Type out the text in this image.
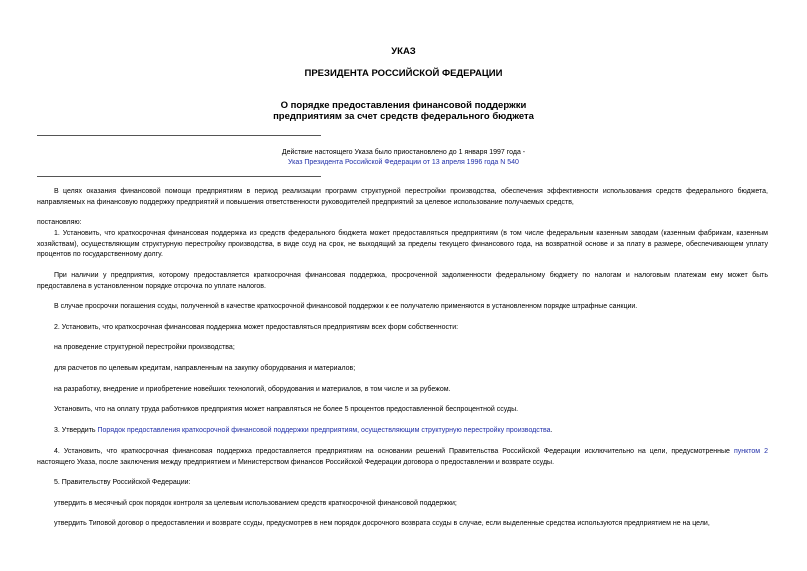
УКАЗ
ПРЕЗИДЕНТА РОССИЙСКОЙ ФЕДЕРАЦИИ
О порядке предоставления финансовой поддержки
предприятиям за счет средств федерального бюджета
Действие настоящего Указа было приостановлено до 1 января 1997 года -
Указ Президента Российской Федерации от 13 апреля 1996 года N 540
В целях оказания финансовой помощи предприятиям в период реализации программ структурной перестройки производства, обеспечения эффективности использования средств федерального бюджета, направляемых на финансовую поддержку предприятий и повышения ответственности руководителей предприятий за целевое использование получаемых средств,
постановляю:
1. Установить, что краткосрочная финансовая поддержка из средств федерального бюджета может предоставляться предприятиям (в том числе федеральным казенным заводам (казенным фабрикам, казенным хозяйствам), осуществляющим структурную перестройку производства, в виде ссуд на срок, не выходящий за пределы текущего финансового года, на возвратной основе и за плату в размере, обеспечивающем уплату процентов по государственному долгу.
При наличии у предприятия, которому предоставляется краткосрочная финансовая поддержка, просроченной задолженности федеральному бюджету по налогам и налоговым платежам ему может быть предоставлена в установленном порядке отсрочка по уплате налогов.
В случае просрочки погашения ссуды, полученной в качестве краткосрочной финансовой поддержки к ее получателю применяются в установленном порядке штрафные санкции.
2. Установить, что краткосрочная финансовая поддержка может предоставляться предприятиям всех форм собственности:
на проведение структурной перестройки производства;
для расчетов по целевым кредитам, направленным на закупку оборудования и материалов;
на разработку, внедрение и приобретение новейших технологий, оборудования и материалов, в том числе и за рубежом.
Установить, что на оплату труда работников предприятия может направляться не более 5 процентов предоставленной беспроцентной ссуды.
3. Утвердить Порядок предоставления краткосрочной финансовой поддержки предприятиям, осуществляющим структурную перестройку производства.
4. Установить, что краткосрочная финансовая поддержка предоставляется предприятиям на основании решений Правительства Российской Федерации исключительно на цели, предусмотренные пунктом 2 настоящего Указа, после заключения между предприятием и Министерством финансов Российской Федерации договора о предоставлении и возврате ссуды.
5. Правительству Российской Федерации:
утвердить в месячный срок порядок контроля за целевым использованием средств краткосрочной финансовой поддержки;
утвердить Типовой договор о предоставлении и возврате ссуды, предусмотрев в нем порядок досрочного возврата ссуды в случае, если выделенные средства используются предприятием не на цели,
